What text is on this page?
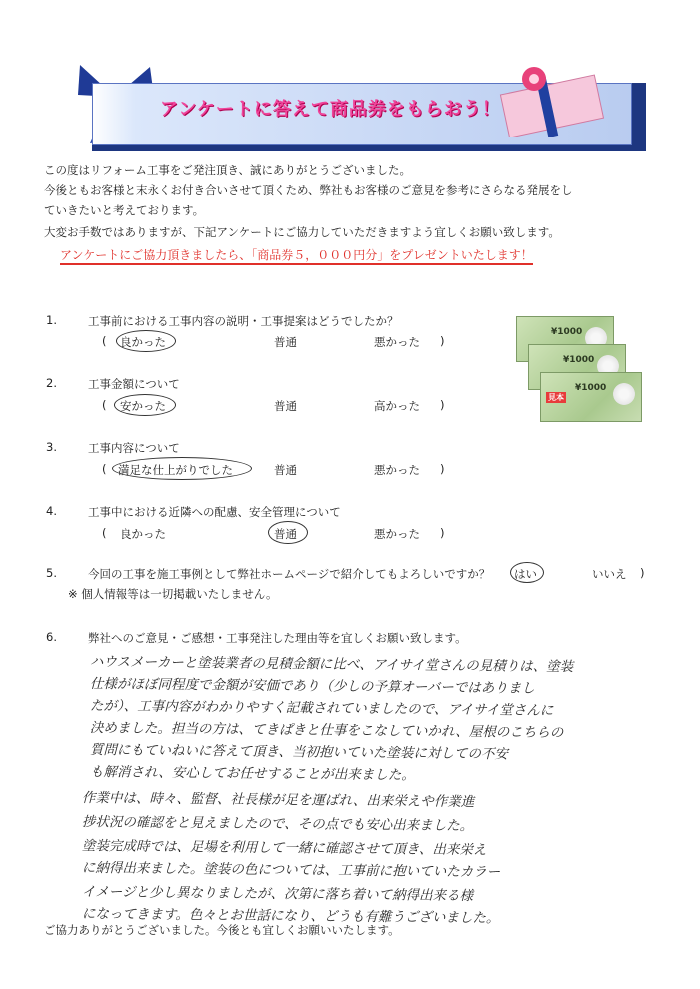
アンケートに答えて商品券をもらおう！
この度はリフォーム工事をご発注頂き、誠にありがとうございました。
今後ともお客様と末永くお付き合いさせて頂くため、弊社もお客様のご意見を参考にさらなる発展をし
ていきたいと考えております。
大変お手数ではありますが、下記アンケートにご協力していただきますよう宜しくお願い致します。
アンケートにご協力頂きましたら、「商品券５，０００円分」をプレゼントいたします！
¥1000
¥1000
¥1000
見本
1.	工事前における工事内容の説明・工事提案はどうでしたか？
( 良かった	普通	悪かった )
2.	工事金額について
( 安かった	普通	高かった )
3.	工事内容について
( 満足な仕上がりでした	普通	悪かった )
4.	工事中における近隣への配慮、安全管理について
( 良かった	普通	悪かった )
5.	今回の工事を施工事例として弊社ホームページで紹介してもよろしいですか？ はい	いいえ )
※ 個人情報等は一切掲載いたしません。
6.	弊社へのご意見・ご感想・工事発注した理由等を宜しくお願い致します。
ハウスメーカーと塗装業者の見積金額に比べ、アイサイ堂さんの見積りは、塗装
仕様がほぼ同程度で金額が安価であり（少しの予算オーバーではありまし
たが）、工事内容がわかりやすく記載されていましたので、アイサイ堂さんに
決めました。担当の方は、てきぱきと仕事をこなしていかれ、屋根のこちらの
質問にもていねいに答えて頂き、当初抱いていた塗装に対しての不安
も解消され、安心してお任せすることが出来ました。
作業中は、時々、監督、社長様が足を運ばれ、出来栄えや作業進
捗状況の確認をと見えましたので、その点でも安心出来ました。
塗装完成時では、足場を利用して一緒に確認させて頂き、出来栄え
に納得出来ました。塗装の色については、工事前に抱いていたカラー
イメージと少し異なりましたが、次第に落ち着いて納得出来る様
になってきます。色々とお世話になり、どうも有難うございました。
ご協力ありがとうございました。今後とも宜しくお願いいたします。
